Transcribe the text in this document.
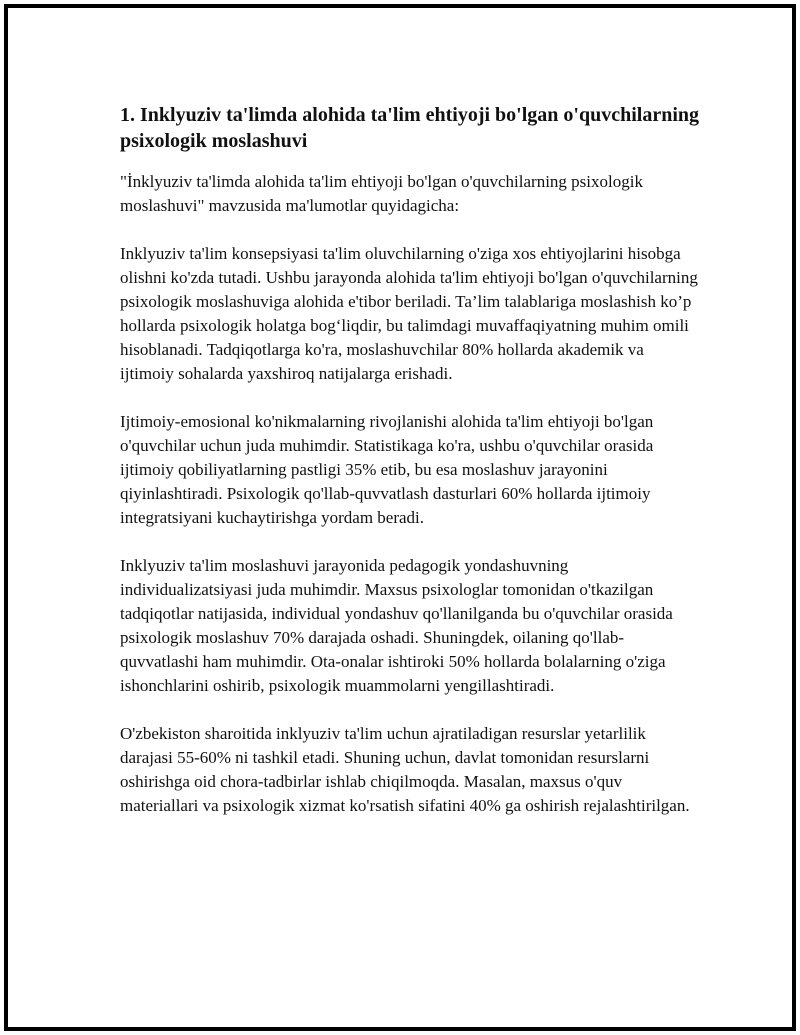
1. Inklyuziv ta'limda alohida ta'lim ehtiyoji bo'lgan o'quvchilarning psixologik moslashuvi

"İnklyuziv ta'limda alohida ta'lim ehtiyoji bo'lgan o'quvchilarning psixologik moslashuvi" mavzusida ma'lumotlar quyidagicha:

Inklyuziv ta'lim konsepsiyasi ta'lim oluvchilarning o'ziga xos ehtiyojlarini hisobga olishni ko'zda tutadi. Ushbu jarayonda alohida ta'lim ehtiyoji bo'lgan o'quvchilarning psixologik moslashuviga alohida e'tibor beriladi. Ta’lim talablariga moslashish ko’p hollarda psixologik holatga bog‘liqdir, bu talimdagi muvaffaqiyatning muhim omili hisoblanadi. Tadqiqotlarga ko'ra, moslashuvchilar 80% hollarda akademik va ijtimoiy sohalarda yaxshiroq natijalarga erishadi.

Ijtimoiy-emosional ko'nikmalarning rivojlanishi alohida ta'lim ehtiyoji bo'lgan o'quvchilar uchun juda muhimdir. Statistikaga ko'ra, ushbu o'quvchilar orasida ijtimoiy qobiliyatlarning pastligi 35% etib, bu esa moslashuv jarayonini qiyinlashtiradi. Psixologik qo'llab-quvvatlash dasturlari 60% hollarda ijtimoiy integratsiyani kuchaytirishga yordam beradi.

Inklyuziv ta'lim moslashuvi jarayonida pedagogik yondashuvning individualizatsiyasi juda muhimdir. Maxsus psixologlar tomonidan o'tkazilgan tadqiqotlar natijasida, individual yondashuv qo'llanilganda bu o'quvchilar orasida psixologik moslashuv 70% darajada oshadi. Shuningdek, oilaning qo'llab-quvvatlashi ham muhimdir. Ota-onalar ishtiroki 50% hollarda bolalarning o'ziga ishonchlarini oshirib, psixologik muammolarni yengillashtiradi.

O'zbekiston sharoitida inklyuziv ta'lim uchun ajratiladigan resurslar yetarlilik darajasi 55-60% ni tashkil etadi. Shuning uchun, davlat tomonidan resurslarni oshirishga oid chora-tadbirlar ishlab chiqilmoqda. Masalan, maxsus o'quv materiallari va psixologik xizmat ko'rsatish sifatini 40% ga oshirish rejalashtirilgan.
